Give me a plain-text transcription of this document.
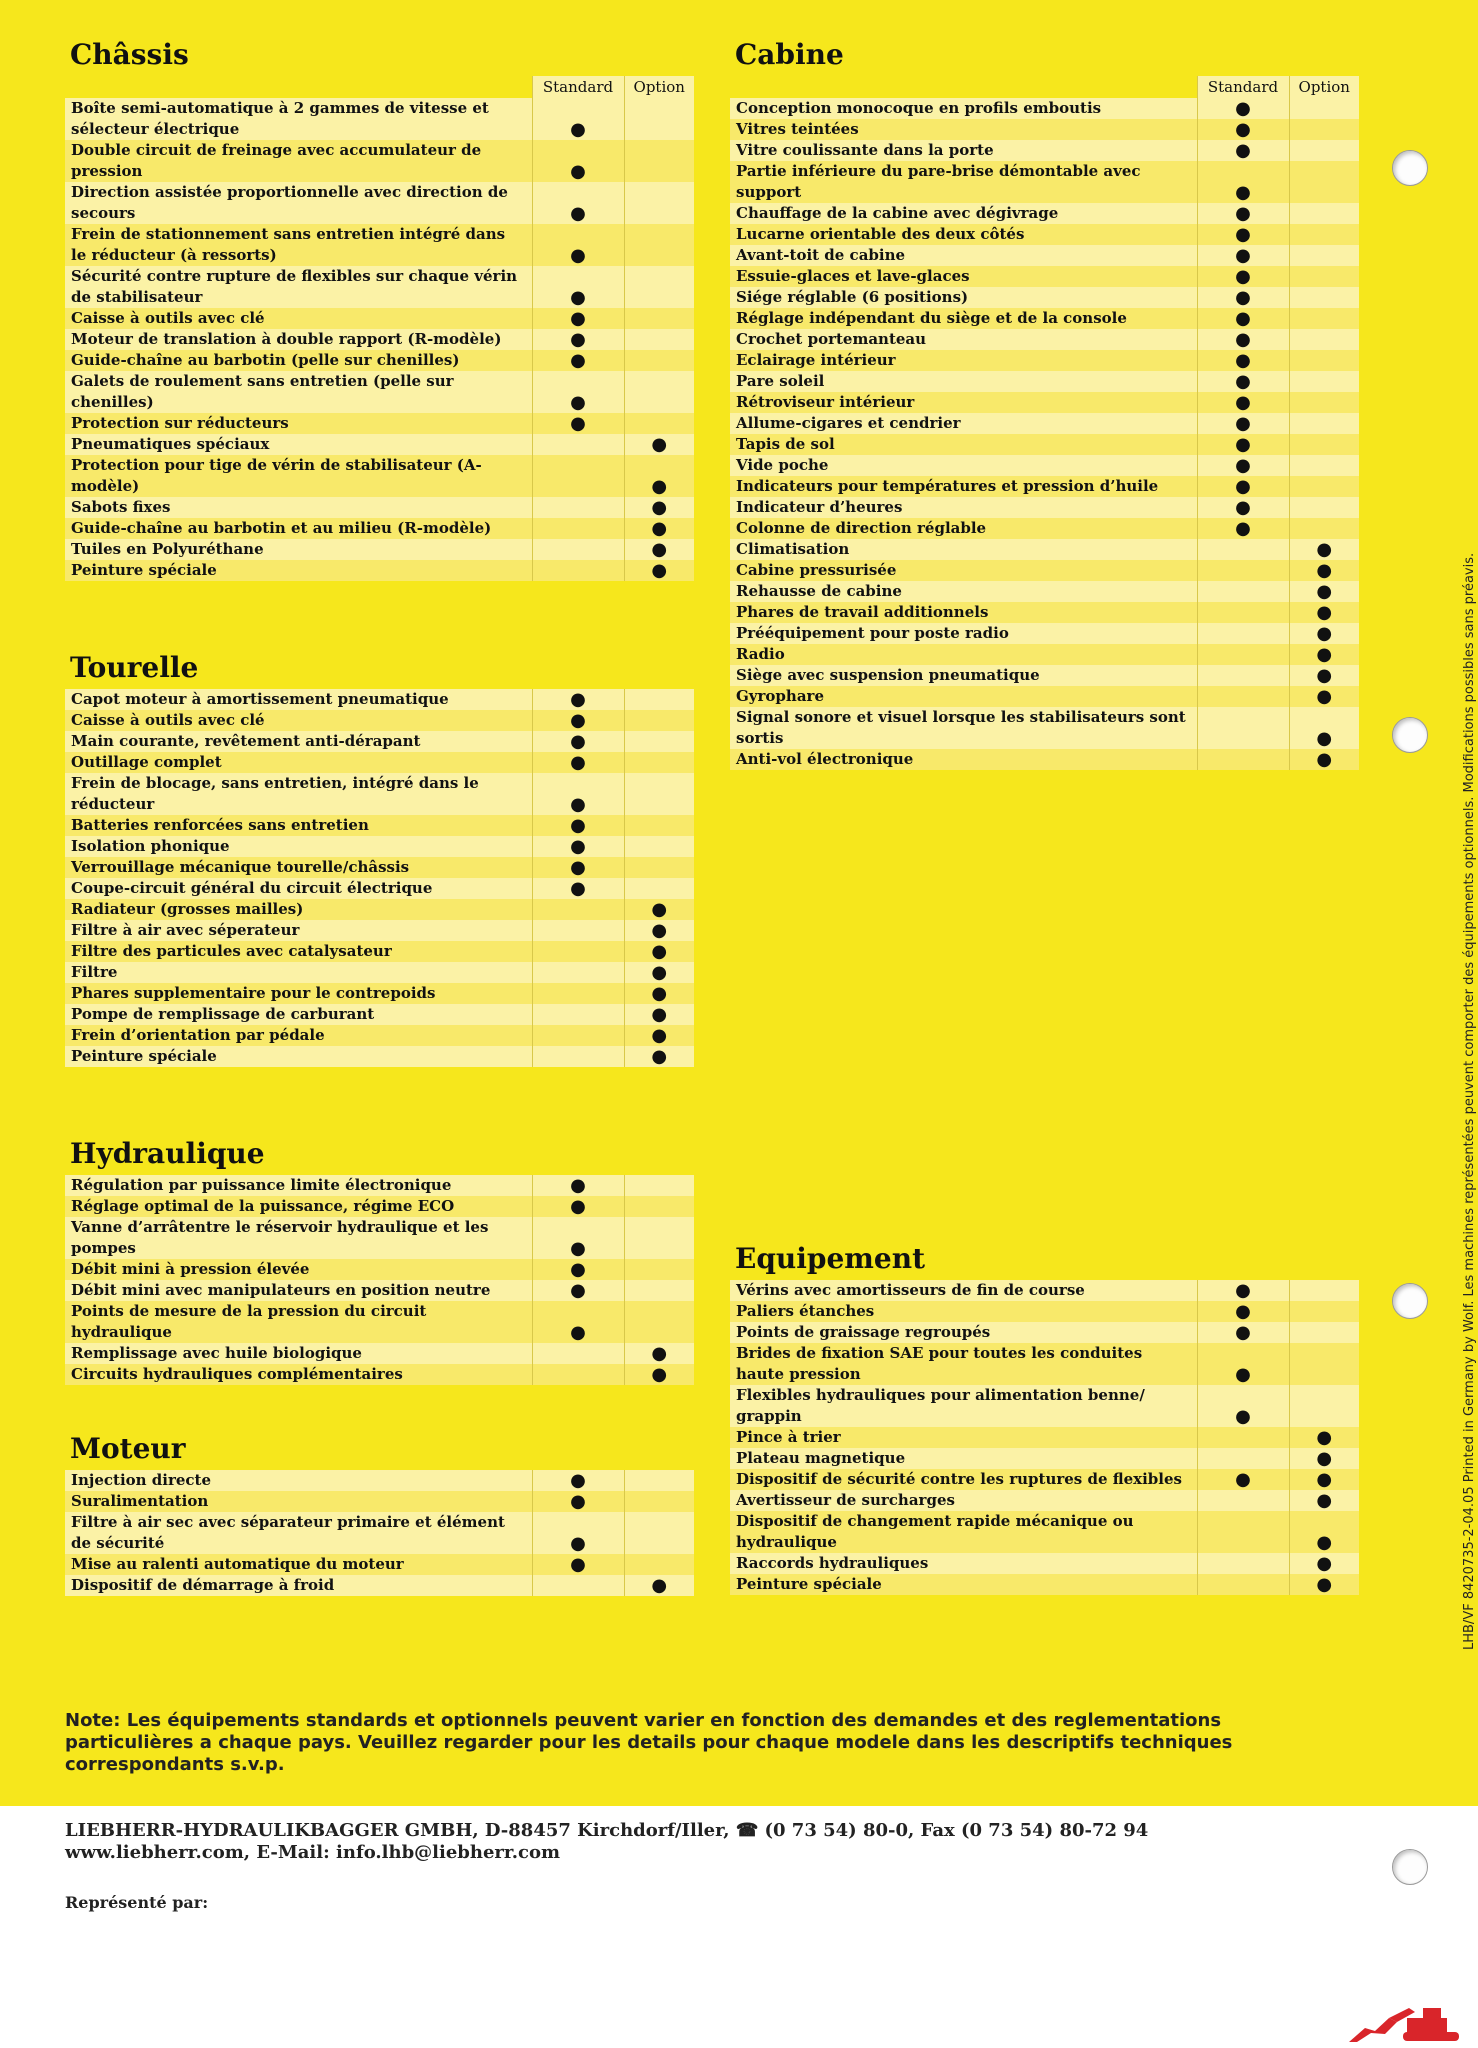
Châssis
	Standard	Option
Boîte semi-automatique à 2 gammes de vitesse et sélecteur électrique	●	
Double circuit de freinage avec accumulateur de pression	●	
Direction assistée proportionnelle avec direction de secours	●	
Frein de stationnement sans entretien intégré dans le réducteur (à ressorts)	●	
Sécurité contre rupture de flexibles sur chaque vérin de stabilisateur	●	
Caisse à outils avec clé	●	
Moteur de translation à double rapport (R-modèle)	●	
Guide-chaîne au barbotin (pelle sur chenilles)	●	
Galets de roulement sans entretien (pelle sur chenilles)	●	
Protection sur réducteurs	●	
Pneumatiques spéciaux		●
Protection pour tige de vérin de stabilisateur (A-modèle)		●
Sabots fixes		●
Guide-chaîne au barbotin et au milieu (R-modèle)		●
Tuiles en Polyuréthane		●
Peinture spéciale		●
Tourelle
Capot moteur à amortissement pneumatique	●	
Caisse à outils avec clé	●	
Main courante, revêtement anti-dérapant	●	
Outillage complet	●	
Frein de blocage, sans entretien, intégré dans le réducteur	●	
Batteries renforcées sans entretien	●	
Isolation phonique	●	
Verrouillage mécanique tourelle/châssis	●	
Coupe-circuit général du circuit électrique	●	
Radiateur (grosses mailles)		●
Filtre à air avec séperateur		●
Filtre des particules avec catalysateur		●
Filtre		●
Phares supplementaire pour le contrepoids		●
Pompe de remplissage de carburant		●
Frein d’orientation par pédale		●
Peinture spéciale		●
Hydraulique
Régulation par puissance limite électronique	●	
Réglage optimal de la puissance, régime ECO	●	
Vanne d’arrâtentre le réservoir hydraulique et les pompes	●	
Débit mini à pression élevée	●	
Débit mini avec manipulateurs en position neutre	●	
Points de mesure de la pression du circuit hydraulique	●	
Remplissage avec huile biologique		●
Circuits hydrauliques complémentaires		●
Moteur
Injection directe	●	
Suralimentation	●	
Filtre à air sec avec séparateur primaire et élément de sécurité	●	
Mise au ralenti automatique du moteur	●	
Dispositif de démarrage à froid		●
Cabine
	Standard	Option
Conception monocoque en profils emboutis	●	
Vitres teintées	●	
Vitre coulissante dans la porte	●	
Partie inférieure du pare-brise démontable avec support	●	
Chauffage de la cabine avec dégivrage	●	
Lucarne orientable des deux côtés	●	
Avant-toit de cabine	●	
Essuie-glaces et lave-glaces	●	
Siége réglable (6 positions)	●	
Réglage indépendant du siège et de la console	●	
Crochet portemanteau	●	
Eclairage intérieur	●	
Pare soleil	●	
Rétroviseur intérieur	●	
Allume-cigares et cendrier	●	
Tapis de sol	●	
Vide poche	●	
Indicateurs pour températures et pression d’huile	●	
Indicateur d’heures	●	
Colonne de direction réglable	●	
Climatisation		●
Cabine pressurisée		●
Rehausse de cabine		●
Phares de travail additionnels		●
Prééquipement pour poste radio		●
Radio		●
Siège avec suspension pneumatique		●
Gyrophare		●
Signal sonore et visuel lorsque les stabilisateurs sont sortis		●
Anti-vol électronique		●
Equipement
Vérins avec amortisseurs de fin de course	●	
Paliers étanches	●	
Points de graissage regroupés	●	
Brides de fixation SAE pour toutes les conduites haute pression	●	
Flexibles hydrauliques pour alimentation benne/ grappin	●	
Pince à trier		●
Plateau magnetique		●
Dispositif de sécurité contre les ruptures de flexibles	●	●
Avertisseur de surcharges		●
Dispositif de changement rapide mécanique ou hydraulique		●
Raccords hydrauliques		●
Peinture spéciale		●
Note: Les équipements standards et optionnels peuvent varier en fonction des demandes et des reglementations particulières a chaque pays. Veuillez regarder pour les details pour chaque modele dans les descriptifs techniques correspondants s.v.p.
LIEBHERR-HYDRAULIKBAGGER GMBH, D-88457 Kirchdorf/Iller, ☎ (0 73 54) 80-0, Fax (0 73 54) 80-72 94
www.liebherr.com, E-Mail: info.lhb@liebherr.com
Représenté par:
LHB/VF 8420735-2-04.05 Printed in Germany by Wolf. Les machines représentées peuvent comporter des équipements optionnels. Modifications possibles sans préavis.
